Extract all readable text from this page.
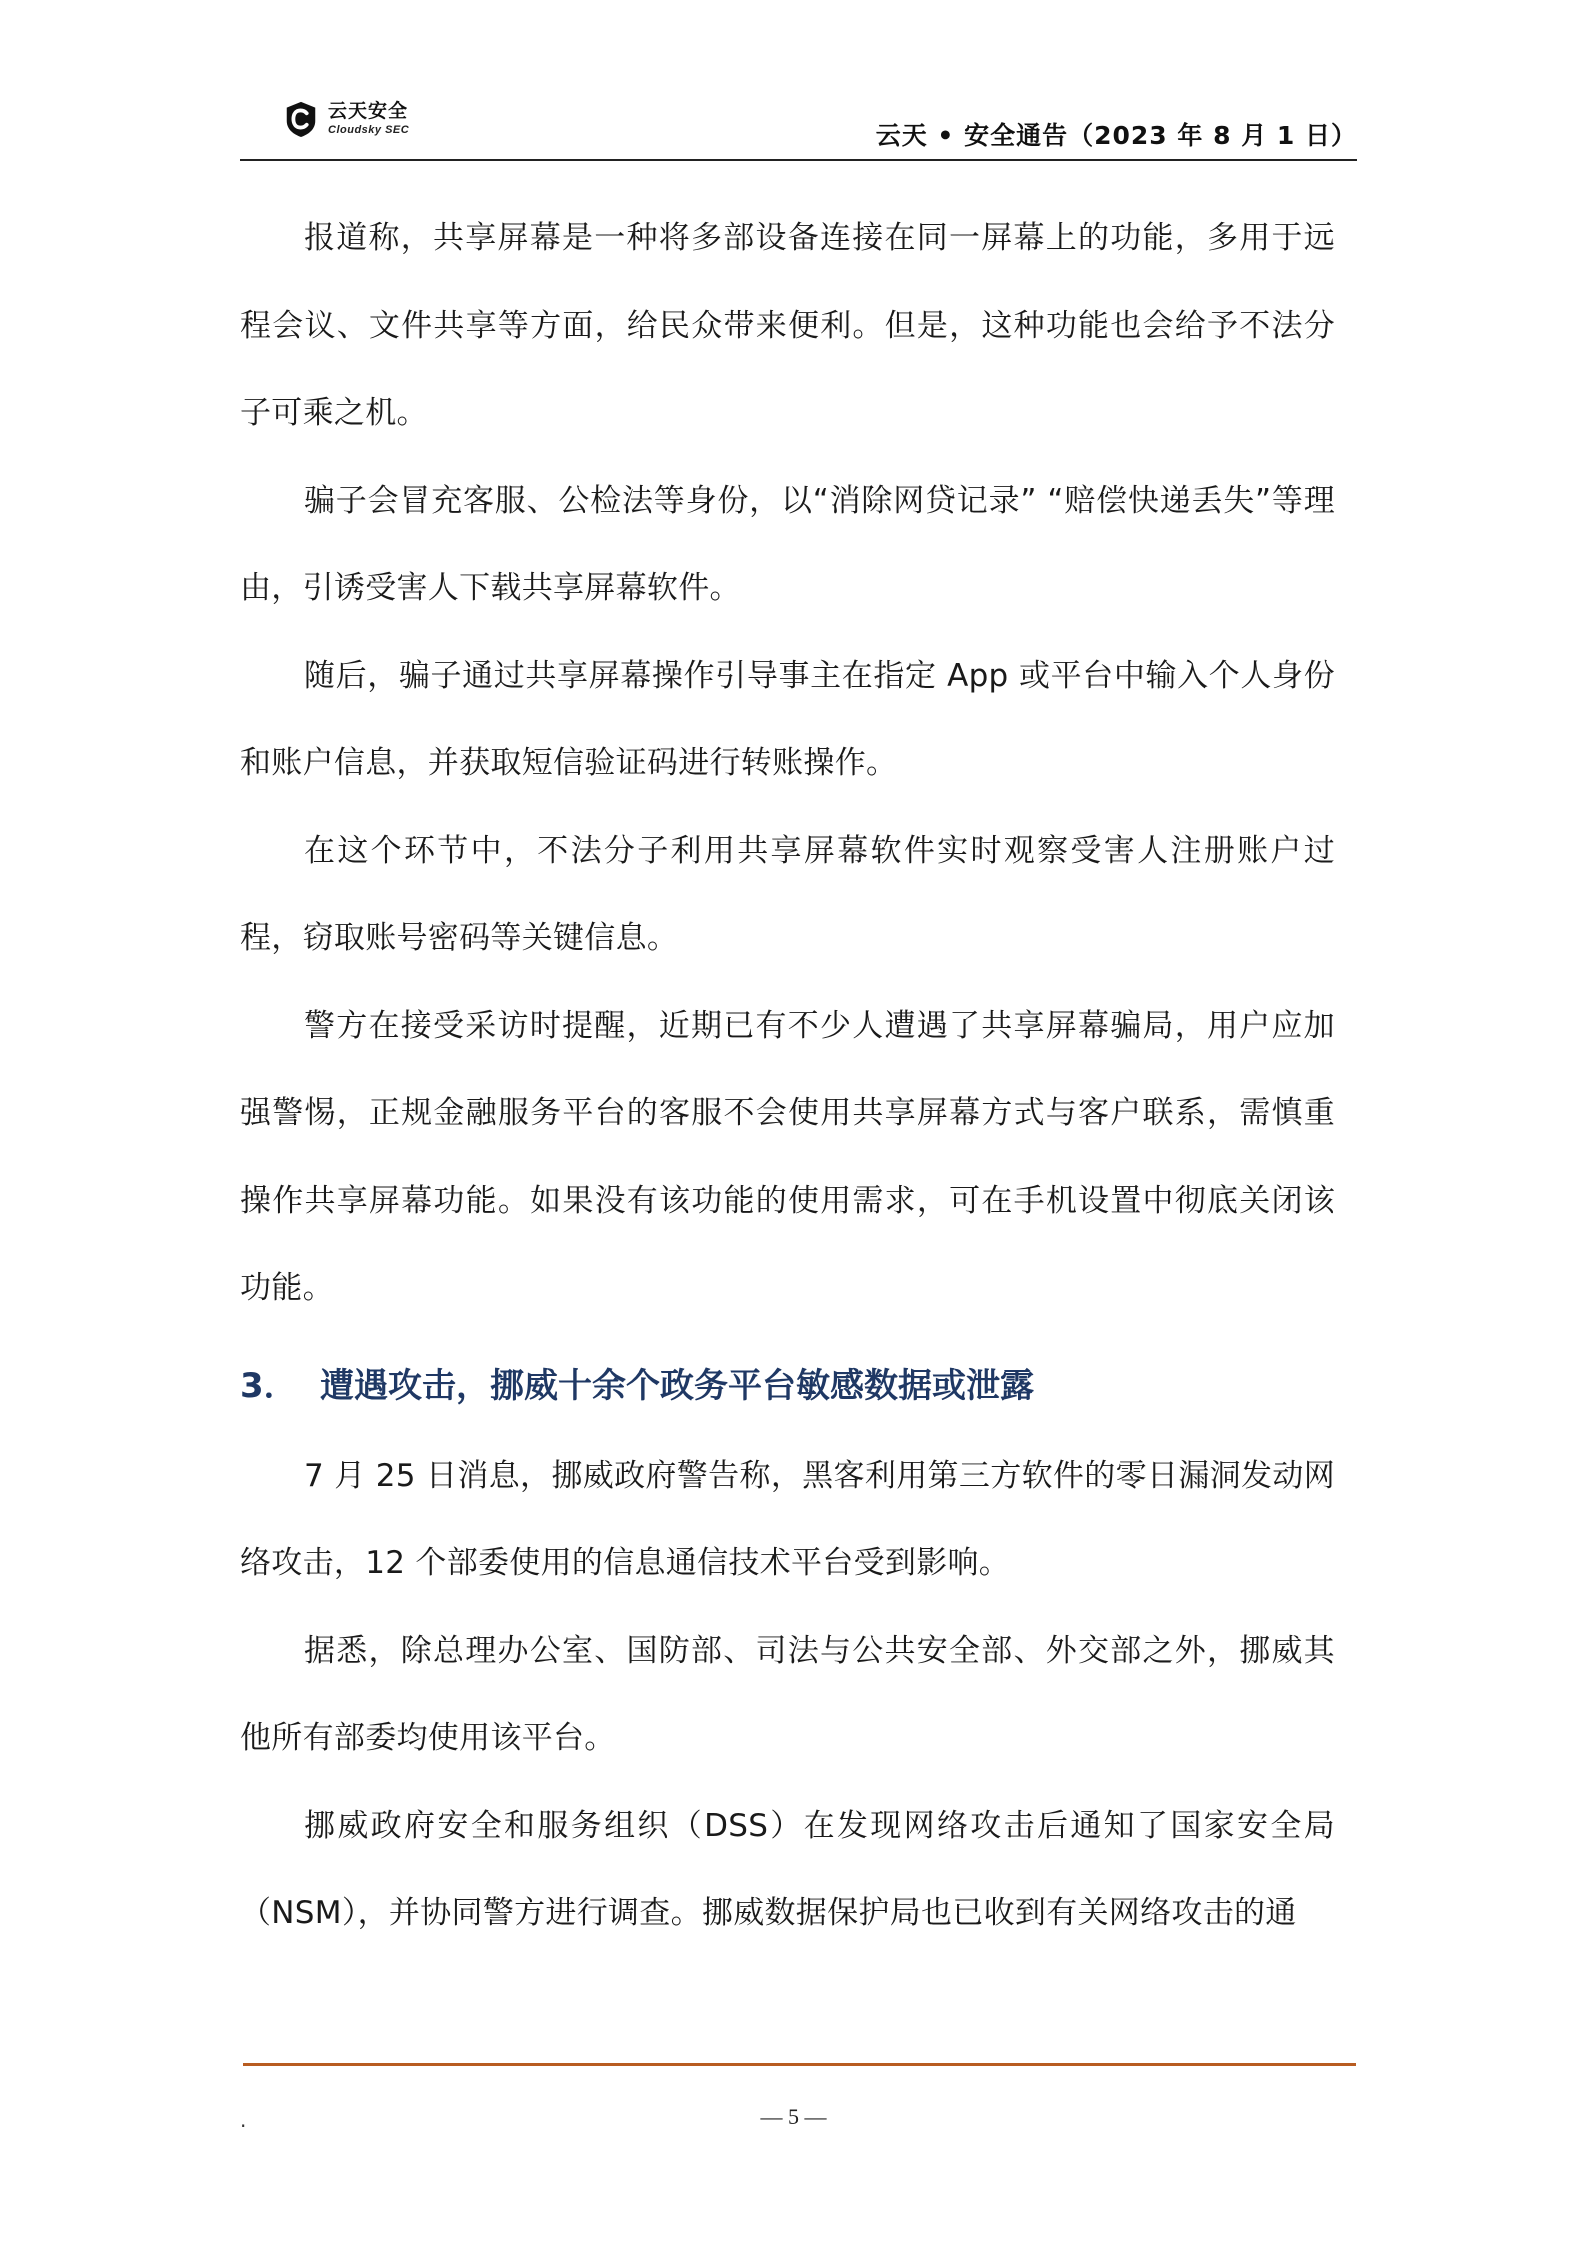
云天安全
Cloudsky SEC	云天 • 安全通告（2023 年 8 月 1 日）

报道称，共享屏幕是一种将多部设备连接在同一屏幕上的功能，多用于远程会议、文件共享等方面，给民众带来便利。但是，这种功能也会给予不法分子可乘之机。

骗子会冒充客服、公检法等身份，以“消除网贷记录” “赔偿快递丢失”等理由，引诱受害人下载共享屏幕软件。

随后，骗子通过共享屏幕操作引导事主在指定 App 或平台中输入个人身份和账户信息，并获取短信验证码进行转账操作。

在这个环节中，不法分子利用共享屏幕软件实时观察受害人注册账户过程，窃取账号密码等关键信息。

警方在接受采访时提醒，近期已有不少人遭遇了共享屏幕骗局，用户应加强警惕，正规金融服务平台的客服不会使用共享屏幕方式与客户联系，需慎重操作共享屏幕功能。如果没有该功能的使用需求，可在手机设置中彻底关闭该功能。

3． 遭遇攻击，挪威十余个政务平台敏感数据或泄露

7 月 25 日消息，挪威政府警告称，黑客利用第三方软件的零日漏洞发动网络攻击，12 个部委使用的信息通信技术平台受到影响。

据悉，除总理办公室、国防部、司法与公共安全部、外交部之外，挪威其他所有部委均使用该平台。

挪威政府安全和服务组织（DSS）在发现网络攻击后通知了国家安全局（NSM），并协同警方进行调查。挪威数据保护局也已收到有关网络攻击的通

.	— 5 —
